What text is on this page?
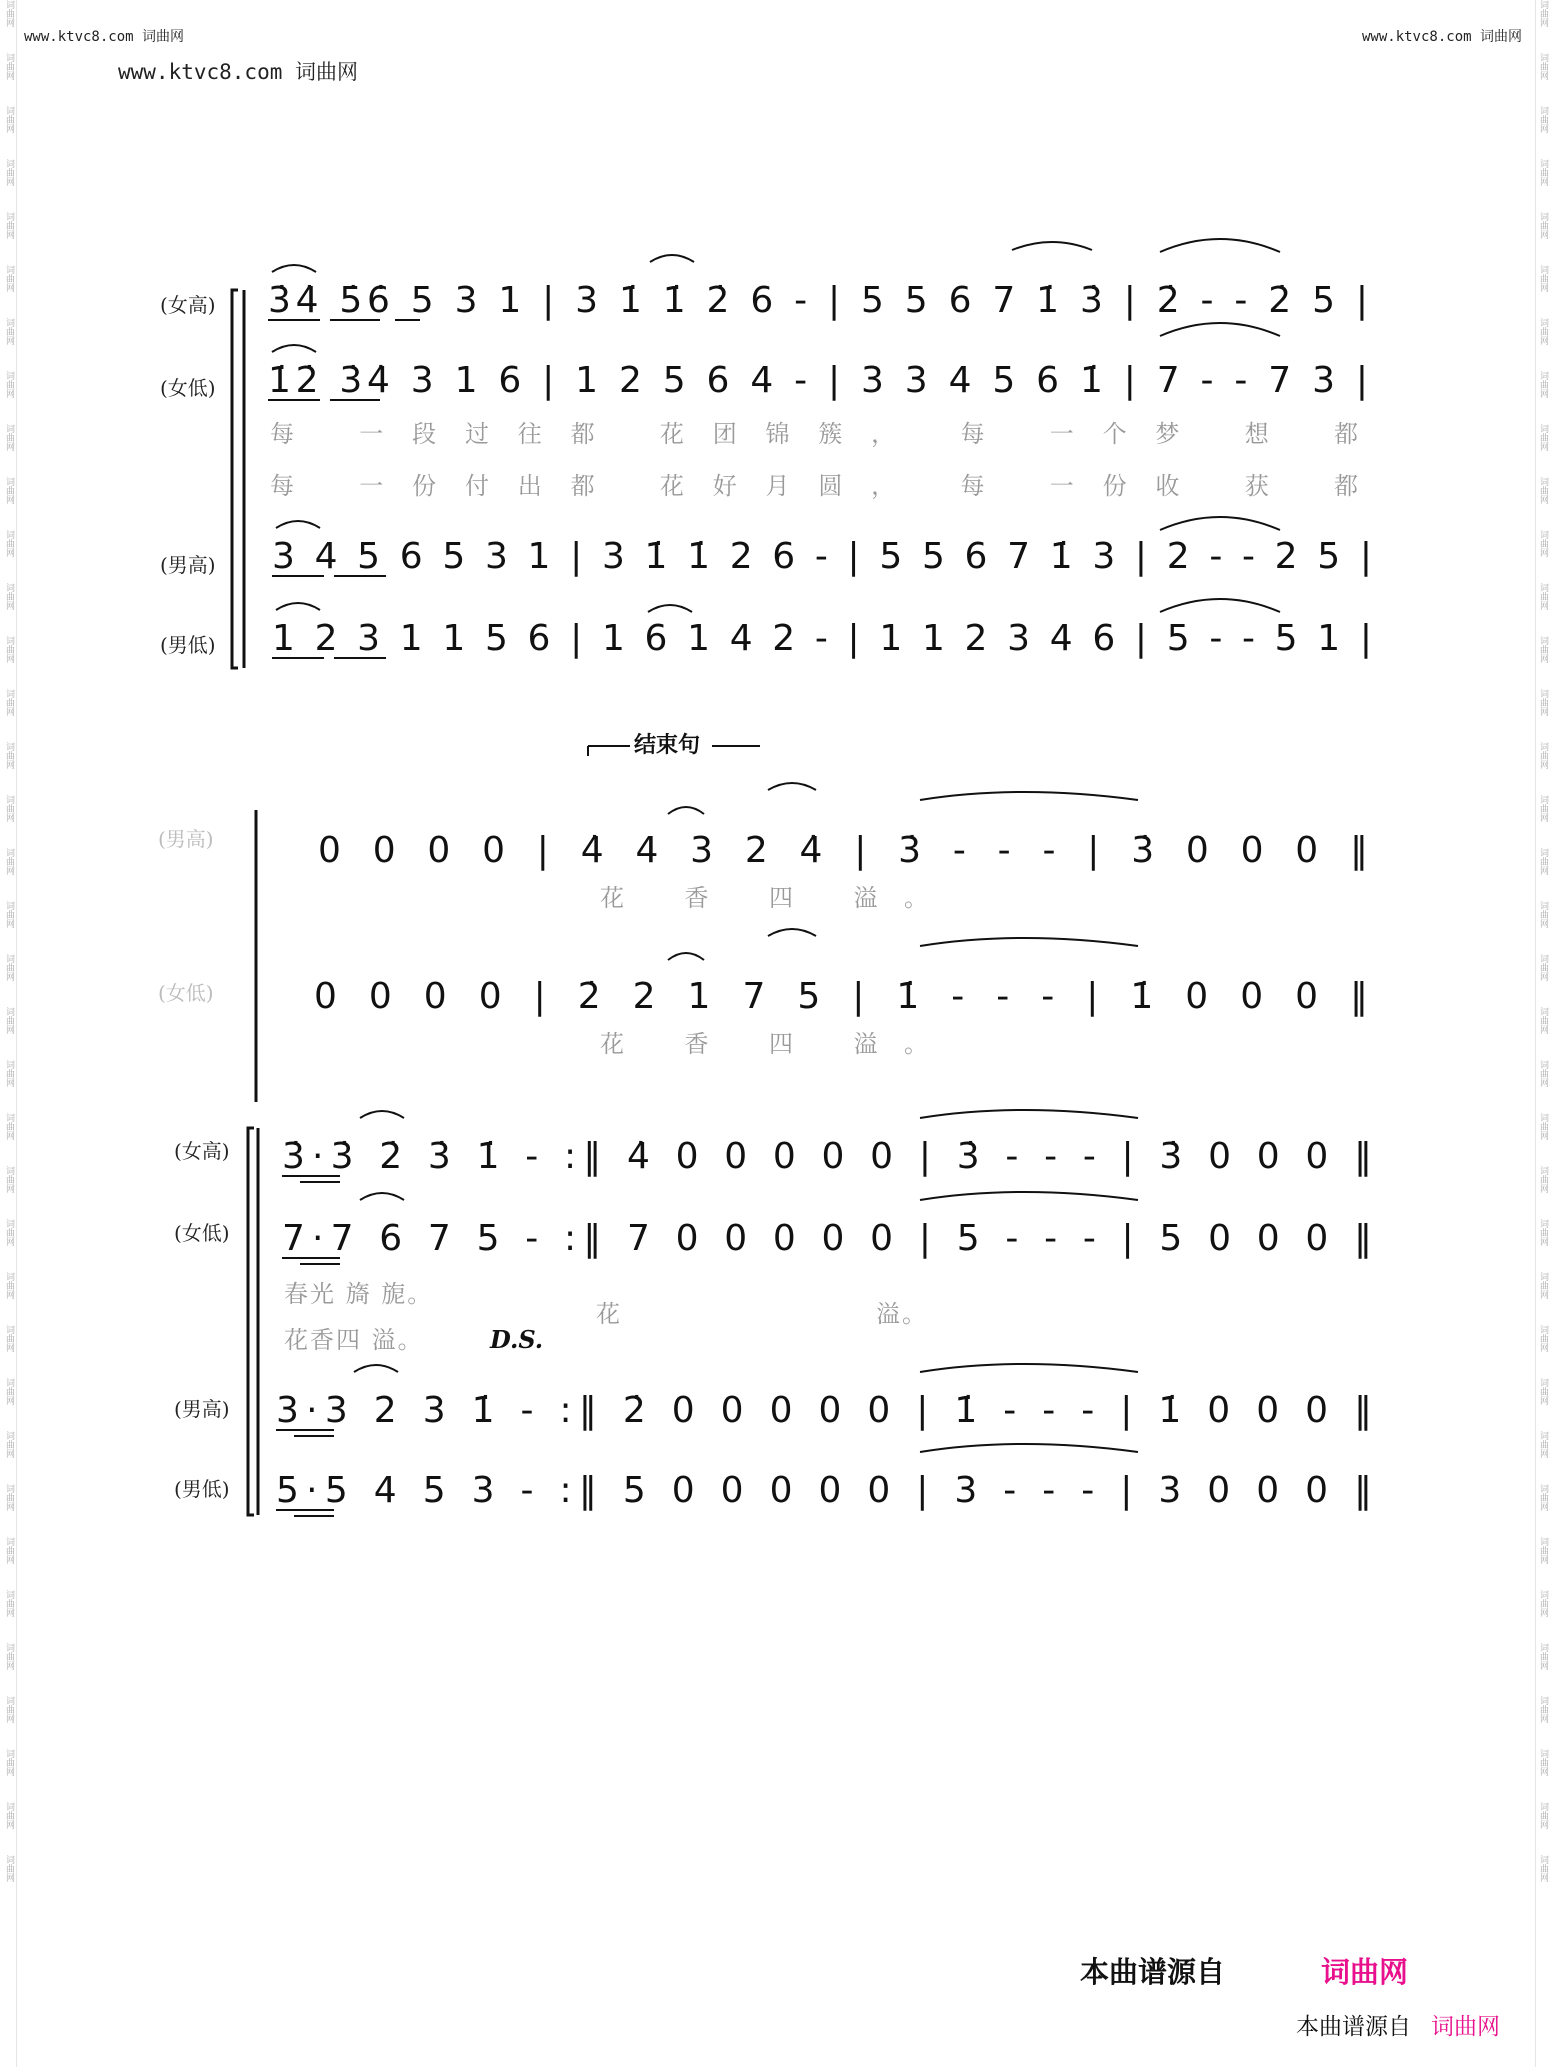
词曲网
词曲网
词曲网
词曲网
词曲网
词曲网
词曲网
词曲网
词曲网
词曲网
词曲网
词曲网
词曲网
词曲网
词曲网
词曲网
词曲网
词曲网
词曲网
词曲网
词曲网
词曲网
词曲网
词曲网
词曲网
词曲网
词曲网
词曲网
词曲网
词曲网
词曲网
词曲网
词曲网
词曲网
词曲网
词曲网
词曲网
词曲网
词曲网
词曲网
词曲网
词曲网
词曲网
词曲网
词曲网
词曲网
词曲网
词曲网
词曲网
词曲网
词曲网
词曲网
词曲网
词曲网
词曲网
词曲网
词曲网
词曲网
词曲网
词曲网
词曲网
词曲网
词曲网
词曲网
词曲网
词曲网
词曲网
词曲网
词曲网
词曲网
词曲网
词曲网
www.ktvc8.com 词曲网	www.ktvc8.com 词曲网
www.ktvc8.com 词曲网
(女高)
(女低)
(男高)
(男低)
3̇4̇ 5̇6̇ 5 3 1 | 3 1̇ 1̇ 2̇ 6 - | 5 5 6 7 1̇ 3̇ | 2̇ - - 2̇ 5 |
1̇2̇ 3̇4̇ 3 1 6 | 1 2 5 6 4 - | 3 3 4 5 6 1̇ | 7 - - 7 3 |
每 一段过往都 花团锦簇， 每 一个梦 想 都
每 一份付出都 花好月圆， 每 一份收 获 都
3 4 5 6 5 3 1 | 3 1̇ 1̇ 2 6 - | 5 5 6 7 1̇ 3 | 2 - - 2 5 |
1 2 3 1 1 5 6 | 1 6 1 4 2 - | 1 1 2 3 4 6 | 5 - - 5 1 |
结束句
(男高)
(女低)
0 0 0 0 | 4̇ 4 3 2 4̇ | 3̇ - - - | 3̇ 0 0 0 ‖
花 香 四 溢。
0 0 0 0 | 2̇ 2 1 7 5 | 1̇ - - - | 1̇ 0 0 0 ‖
花 香 四 溢。
(女高)
(女低)
(男高)
(男低)
3̇·3̇ 2̇ 3̇ 1̇ - :‖ 4̇ 0 0 0 0 0 | 3̇ - - - | 3̇ 0 0 0 ‖
7·7 6 7 5 - :‖ 7 0 0 0 0 0 | 5 - - - | 5 0 0 0 ‖
春光 旖 旎。
花香四 溢。	D.S.
花	溢。
3·3 2 3 1̇ - :‖ 2̇ 0 0 0 0 0 | 1̇ - - - | 1̇ 0 0 0 ‖
5·5 4 5 3 - :‖ 5 0 0 0 0 0 | 3 - - - | 3 0 0 0 ‖
本曲谱源自	词曲网
本曲谱源自 词曲网
